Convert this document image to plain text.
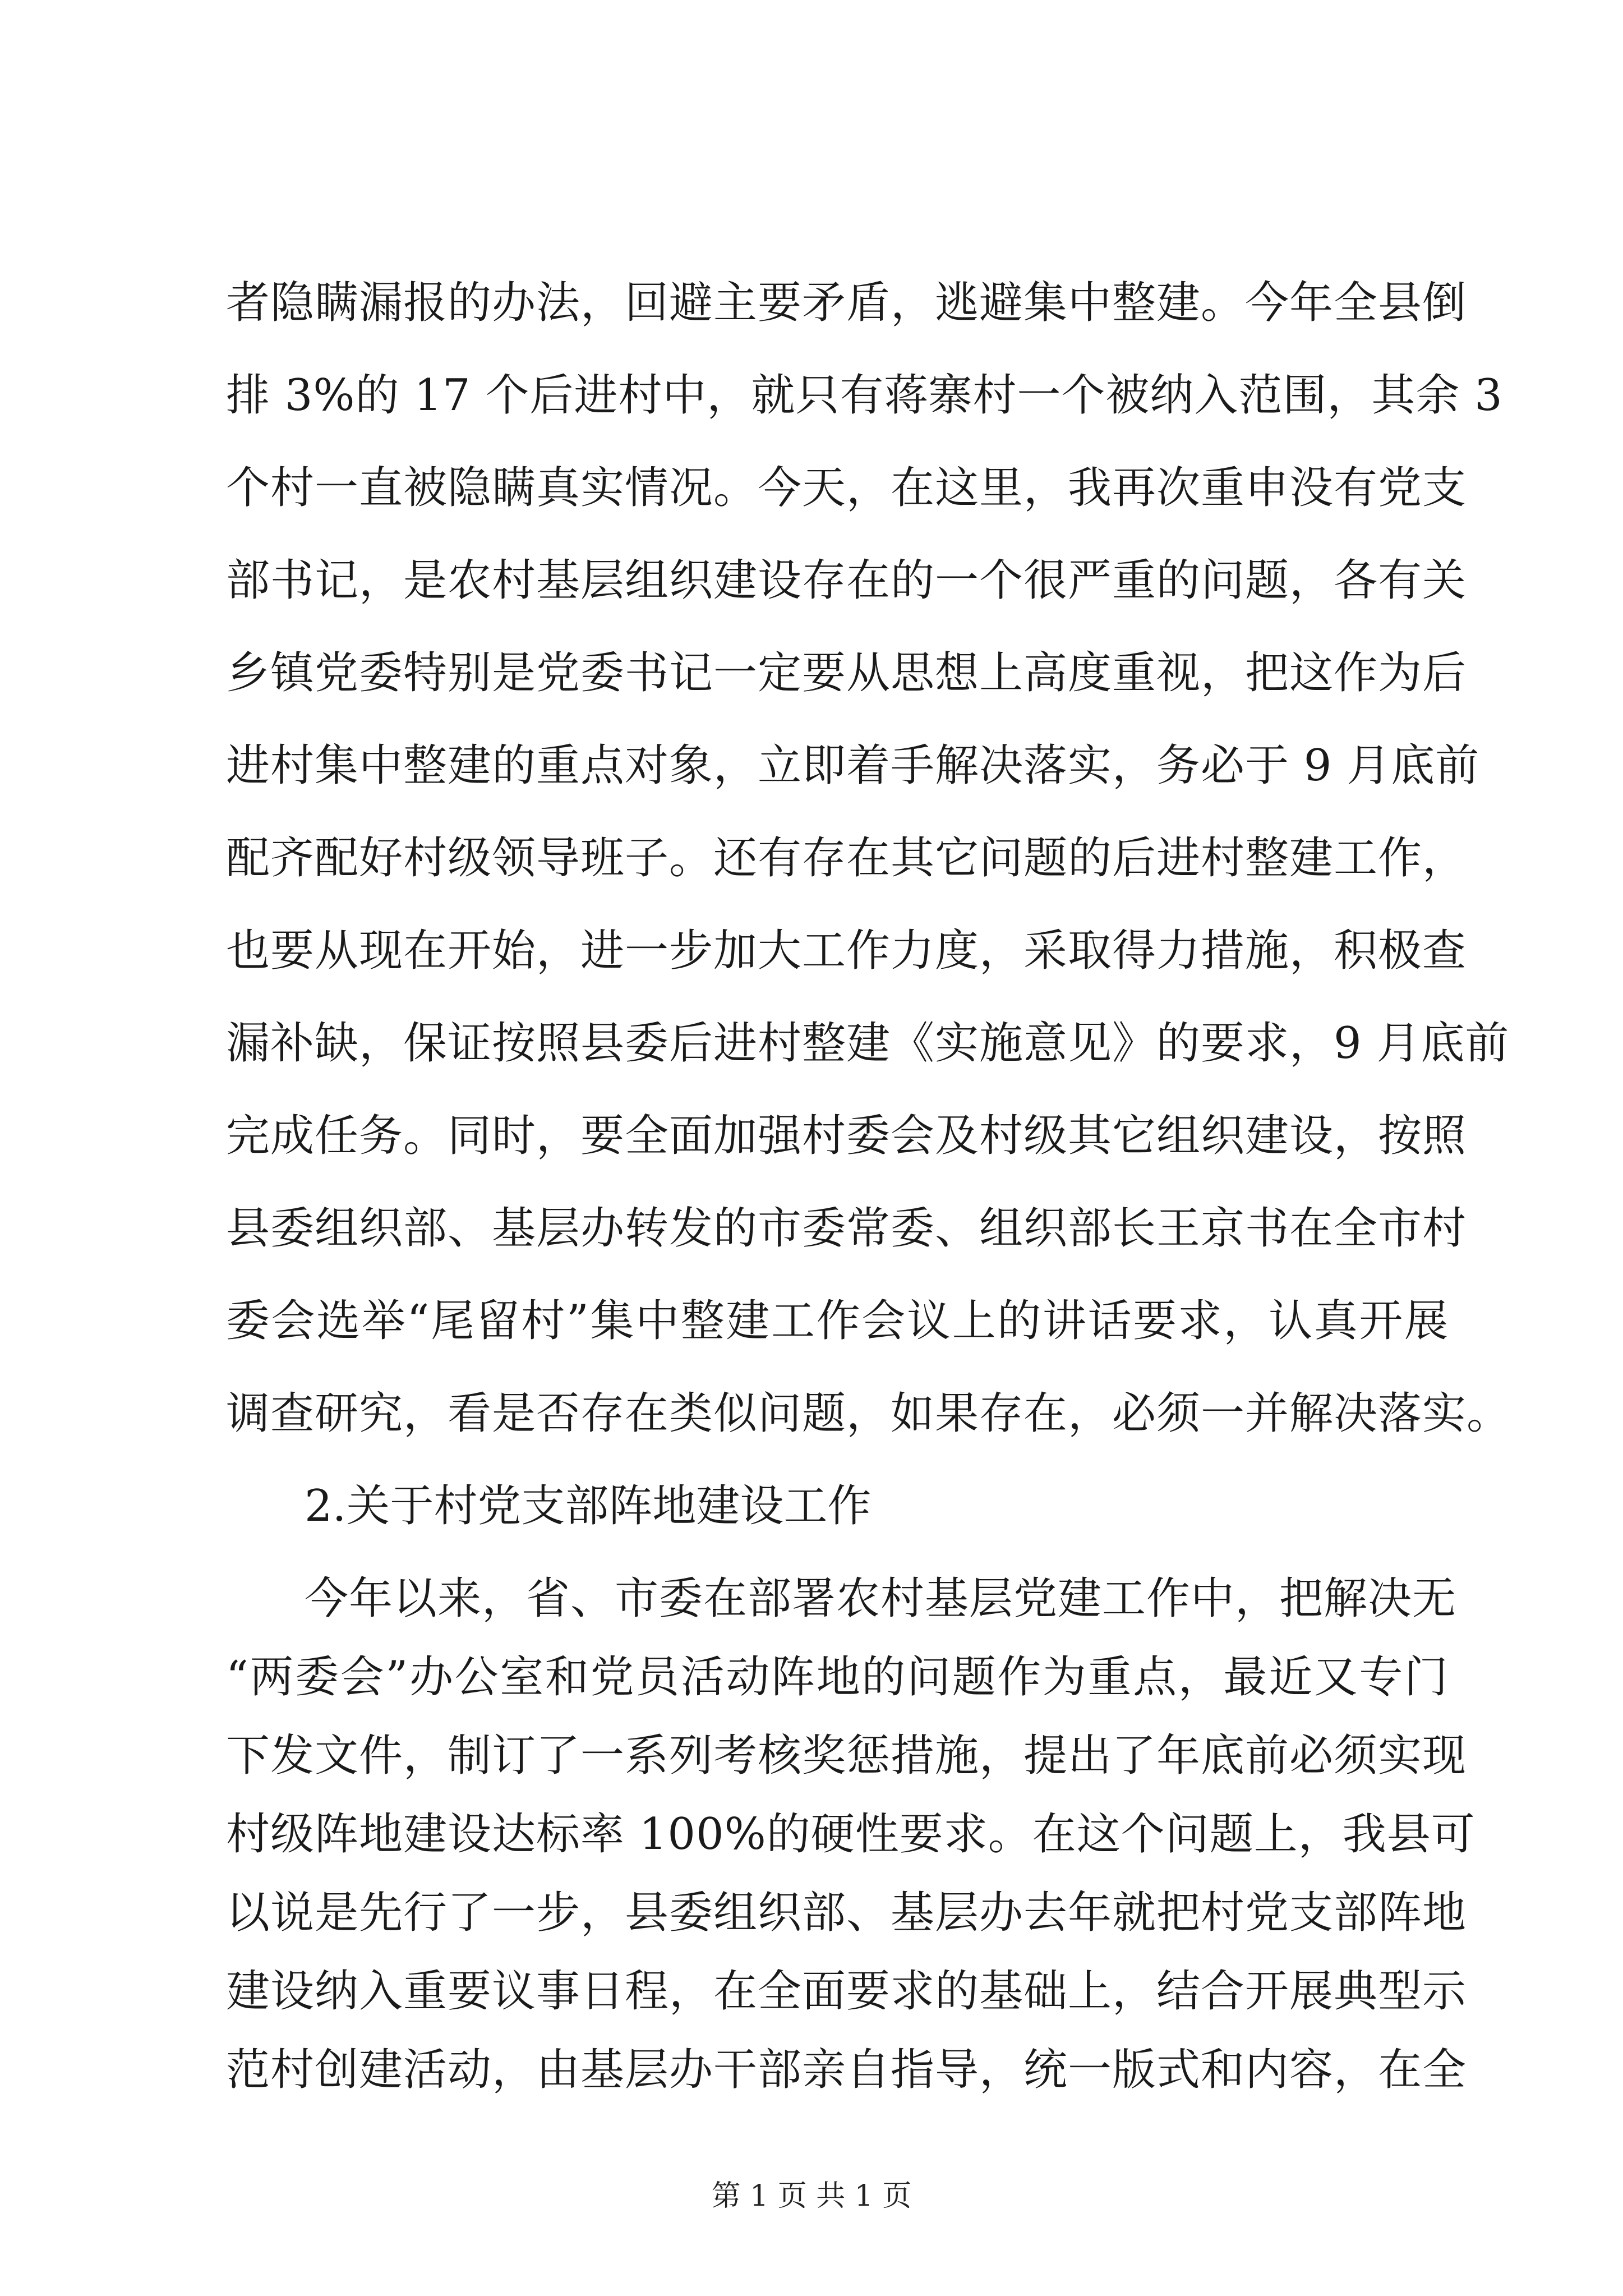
者隐瞒漏报的办法，回避主要矛盾，逃避集中整建。今年全县倒
排 3%的 17 个后进村中，就只有蒋寨村一个被纳入范围，其余 3
个村一直被隐瞒真实情况。今天，在这里，我再次重申没有党支
部书记，是农村基层组织建设存在的一个很严重的问题，各有关
乡镇党委特别是党委书记一定要从思想上高度重视，把这作为后
进村集中整建的重点对象，立即着手解决落实，务必于 9 月底前
配齐配好村级领导班子。还有存在其它问题的后进村整建工作，
也要从现在开始，进一步加大工作力度，采取得力措施，积极查
漏补缺，保证按照县委后进村整建《实施意见》的要求，9 月底前
完成任务。同时，要全面加强村委会及村级其它组织建设，按照
县委组织部、基层办转发的市委常委、组织部长王京书在全市村
委会选举“尾留村”集中整建工作会议上的讲话要求，认真开展
调查研究，看是否存在类似问题，如果存在，必须一并解决落实。
2.关于村党支部阵地建设工作
今年以来，省、市委在部署农村基层党建工作中，把解决无
“两委会”办公室和党员活动阵地的问题作为重点，最近又专门
下发文件，制订了一系列考核奖惩措施，提出了年底前必须实现
村级阵地建设达标率 100%的硬性要求。在这个问题上，我县可
以说是先行了一步，县委组织部、基层办去年就把村党支部阵地
建设纳入重要议事日程，在全面要求的基础上，结合开展典型示
第 1 页 共 1 页
范村创建活动，由基层办干部亲自指导，统一版式和内容，在全
